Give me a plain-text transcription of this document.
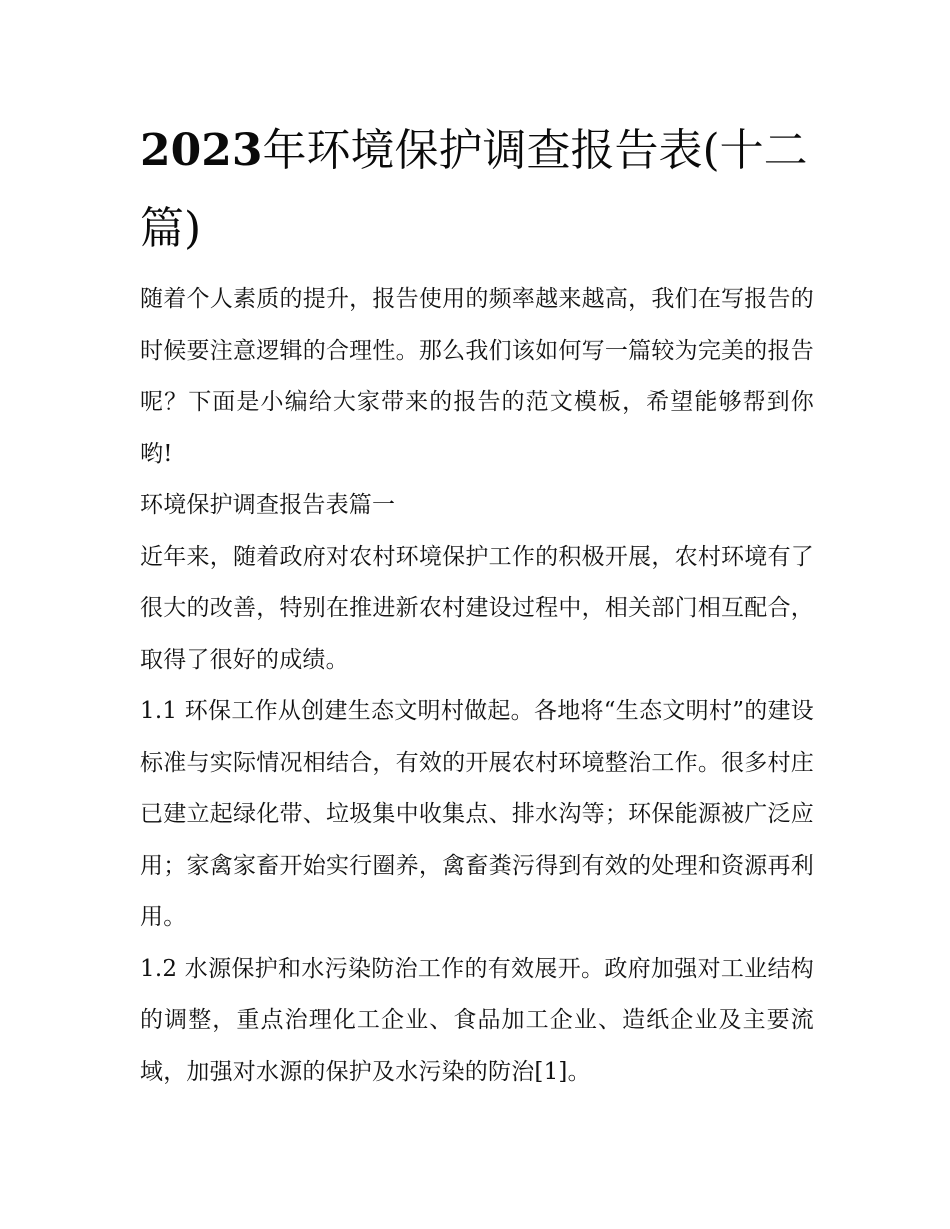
2023年环境保护调查报告表(十二篇)

随着个人素质的提升，报告使用的频率越来越高，我们在写报告的时候要注意逻辑的合理性。那么我们该如何写一篇较为完美的报告呢？下面是小编给大家带来的报告的范文模板，希望能够帮到你哟!

环境保护调查报告表篇一

近年来，随着政府对农村环境保护工作的积极开展，农村环境有了很大的改善，特别在推进新农村建设过程中，相关部门相互配合，取得了很好的成绩。

1.1 环保工作从创建生态文明村做起。各地将“生态文明村”的建设标准与实际情况相结合，有效的开展农村环境整治工作。很多村庄已建立起绿化带、垃圾集中收集点、排水沟等；环保能源被广泛应用；家禽家畜开始实行圈养，禽畜粪污得到有效的处理和资源再利用。

1.2 水源保护和水污染防治工作的有效展开。政府加强对工业结构的调整，重点治理化工企业、食品加工企业、造纸企业及主要流域，加强对水源的保护及水污染的防治[1]。
